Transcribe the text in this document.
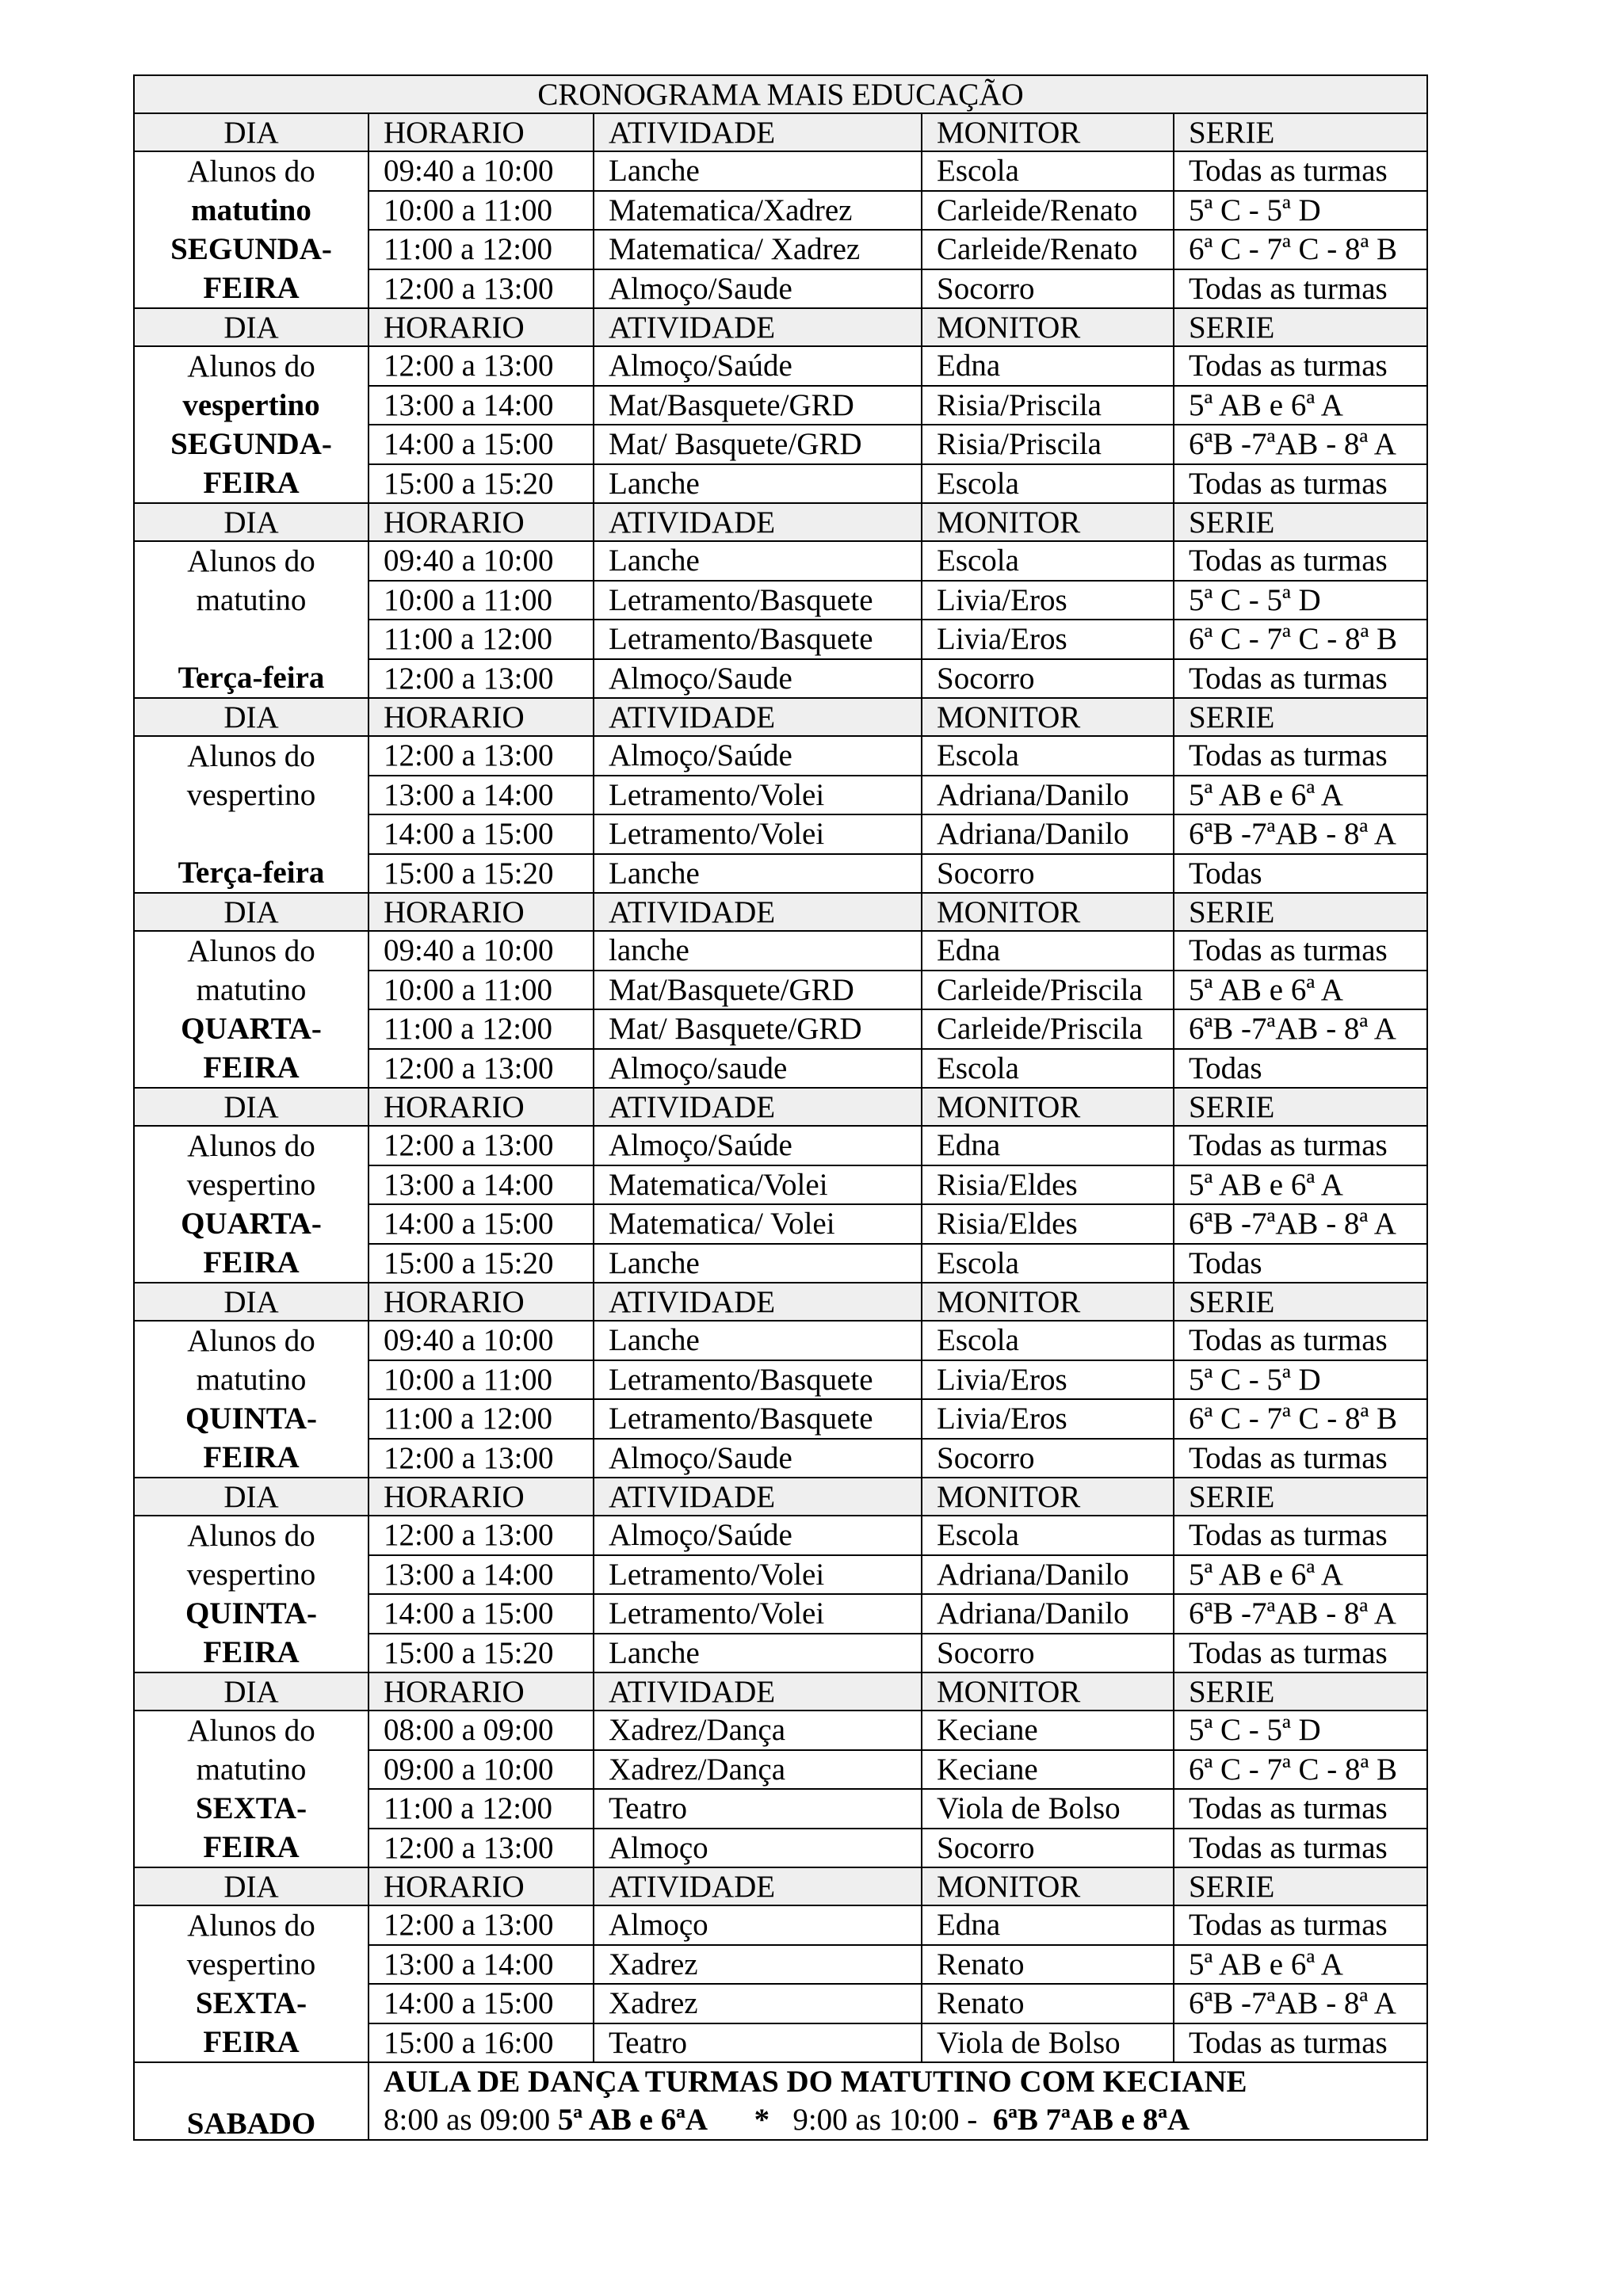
CRONOGRAMA MAIS EDUCAÇÃO				
DIA	HORARIO	ATIVIDADE	MONITOR	SERIE

Alunos do
matutino
SEGUNDA-
FEIRA	09:40 a 10:00	Lanche	Escola	Todas as turmas
	10:00 a 11:00	Matematica/Xadrez	Carleide/Renato	5ª C - 5ª D
	11:00 a 12:00	Matematica/ Xadrez	Carleide/Renato	6ª C - 7ª C - 8ª B
	12:00 a 13:00	Almoço/Saude	Socorro	Todas as turmas
DIA	HORARIO	ATIVIDADE	MONITOR	SERIE

Alunos do
vespertino
SEGUNDA-
FEIRA	12:00 a 13:00	Almoço/Saúde	Edna	Todas as turmas
	13:00 a 14:00	Mat/Basquete/GRD	Risia/Priscila	5ª AB e 6ª A
	14:00 a 15:00	Mat/ Basquete/GRD	Risia/Priscila	6ªB -7ªAB - 8ª A
	15:00 a 15:20	Lanche	Escola	Todas as turmas
DIA	HORARIO	ATIVIDADE	MONITOR	SERIE

Alunos do
matutino

Terça-feira	09:40 a 10:00	Lanche	Escola	Todas as turmas
	10:00 a 11:00	Letramento/Basquete	Livia/Eros	5ª C - 5ª D
	11:00 a 12:00	Letramento/Basquete	Livia/Eros	6ª C - 7ª C - 8ª B
	12:00 a 13:00	Almoço/Saude	Socorro	Todas as turmas
DIA	HORARIO	ATIVIDADE	MONITOR	SERIE

Alunos do
vespertino

Terça-feira	12:00 a 13:00	Almoço/Saúde	Escola	Todas as turmas
	13:00 a 14:00	Letramento/Volei	Adriana/Danilo	5ª AB e 6ª A
	14:00 a 15:00	Letramento/Volei	Adriana/Danilo	6ªB -7ªAB - 8ª A
	15:00 a 15:20	Lanche	Socorro	Todas
DIA	HORARIO	ATIVIDADE	MONITOR	SERIE

Alunos do
matutino
QUARTA-
FEIRA	09:40 a 10:00	lanche	Edna	Todas as turmas
	10:00 a 11:00	Mat/Basquete/GRD	Carleide/Priscila	5ª AB e 6ª A
	11:00 a 12:00	Mat/ Basquete/GRD	Carleide/Priscila	6ªB -7ªAB - 8ª A
	12:00 a 13:00	Almoço/saude	Escola	Todas
DIA	HORARIO	ATIVIDADE	MONITOR	SERIE

Alunos do
vespertino
QUARTA-
FEIRA	12:00 a 13:00	Almoço/Saúde	Edna	Todas as turmas
	13:00 a 14:00	Matematica/Volei	Risia/Eldes	5ª AB e 6ª A
	14:00 a 15:00	Matematica/ Volei	Risia/Eldes	6ªB -7ªAB - 8ª A
	15:00 a 15:20	Lanche	Escola	Todas
DIA	HORARIO	ATIVIDADE	MONITOR	SERIE

Alunos do
matutino
QUINTA-
FEIRA	09:40 a 10:00	Lanche	Escola	Todas as turmas
	10:00 a 11:00	Letramento/Basquete	Livia/Eros	5ª C - 5ª D
	11:00 a 12:00	Letramento/Basquete	Livia/Eros	6ª C - 7ª C - 8ª B
	12:00 a 13:00	Almoço/Saude	Socorro	Todas as turmas
DIA	HORARIO	ATIVIDADE	MONITOR	SERIE

Alunos do
vespertino
QUINTA-
FEIRA	12:00 a 13:00	Almoço/Saúde	Escola	Todas as turmas
	13:00 a 14:00	Letramento/Volei	Adriana/Danilo	5ª AB e 6ª A
	14:00 a 15:00	Letramento/Volei	Adriana/Danilo	6ªB -7ªAB - 8ª A
	15:00 a 15:20	Lanche	Socorro	Todas as turmas
DIA	HORARIO	ATIVIDADE	MONITOR	SERIE

Alunos do
matutino
SEXTA-
FEIRA	08:00 a 09:00	Xadrez/Dança	Keciane	5ª C - 5ª D
	09:00 a 10:00	Xadrez/Dança	Keciane	6ª C - 7ª C - 8ª B
	11:00 a 12:00	Teatro	Viola de Bolso	Todas as turmas
	12:00 a 13:00	Almoço	Socorro	Todas as turmas
DIA	HORARIO	ATIVIDADE	MONITOR	SERIE

Alunos do
vespertino
SEXTA-
FEIRA	12:00 a 13:00	Almoço	Edna	Todas as turmas
	13:00 a 14:00	Xadrez	Renato	5ª AB e 6ª A
	14:00 a 15:00	Xadrez	Renato	6ªB -7ªAB - 8ª A
	15:00 a 16:00	Teatro	Viola de Bolso	Todas as turmas
SABADO	AULA DE DANÇA TURMAS DO MATUTINO COM KECIANE
8:00 as 09:00 5ª AB e 6ªA * 9:00 as 10:00 - 6ªB 7ªAB e 8ªA			
